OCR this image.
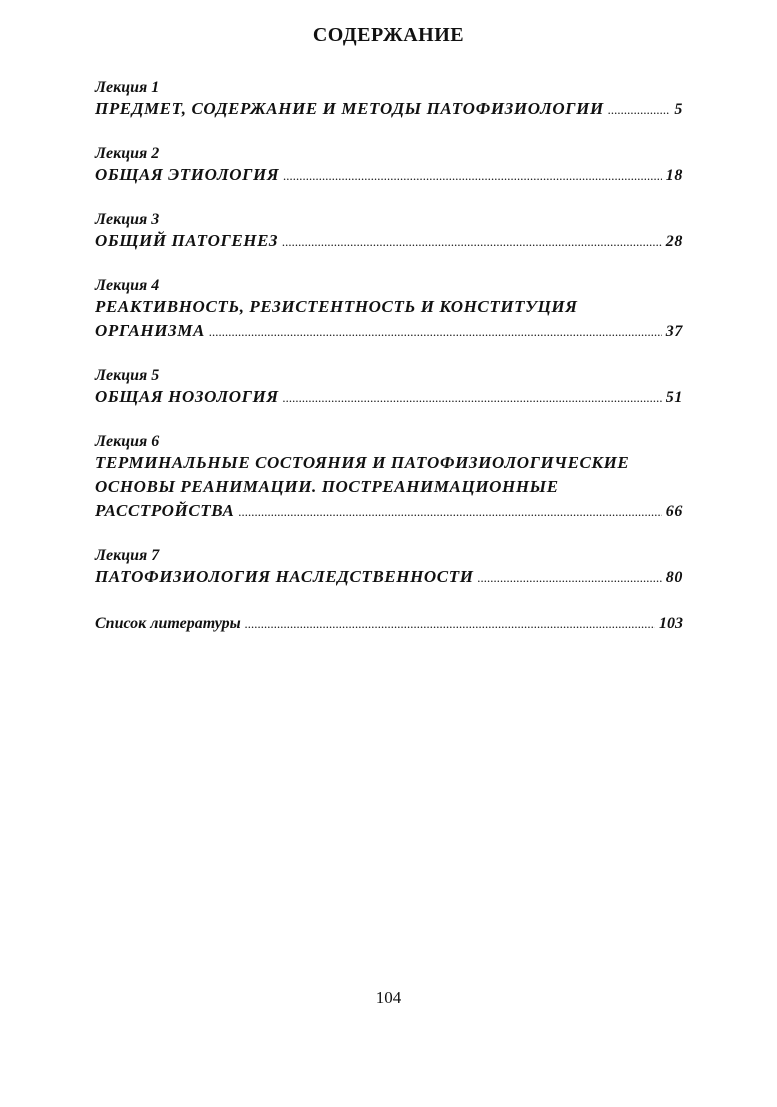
СОДЕРЖАНИЕ
Лекция 1
ПРЕДМЕТ, СОДЕРЖАНИЕ И МЕТОДЫ ПАТОФИЗИОЛОГИИ .....	5
Лекция 2
ОБЩАЯ ЭТИОЛОГИЯ .....	18
Лекция 3
ОБЩИЙ ПАТОГЕНЕЗ .....	28
Лекция 4
РЕАКТИВНОСТЬ, РЕЗИСТЕНТНОСТЬ И КОНСТИТУЦИЯ
ОРГАНИЗМА .....	37
Лекция 5
ОБЩАЯ НОЗОЛОГИЯ .....	51
Лекция 6
ТЕРМИНАЛЬНЫЕ СОСТОЯНИЯ И ПАТОФИЗИОЛОГИЧЕСКИЕ
ОСНОВЫ РЕАНИМАЦИИ. ПОСТРЕАНИМАЦИОННЫЕ
РАССТРОЙСТВА .....	66
Лекция 7
ПАТОФИЗИОЛОГИЯ НАСЛЕДСТВЕННОСТИ .....	80
Список литературы .....	103
104
